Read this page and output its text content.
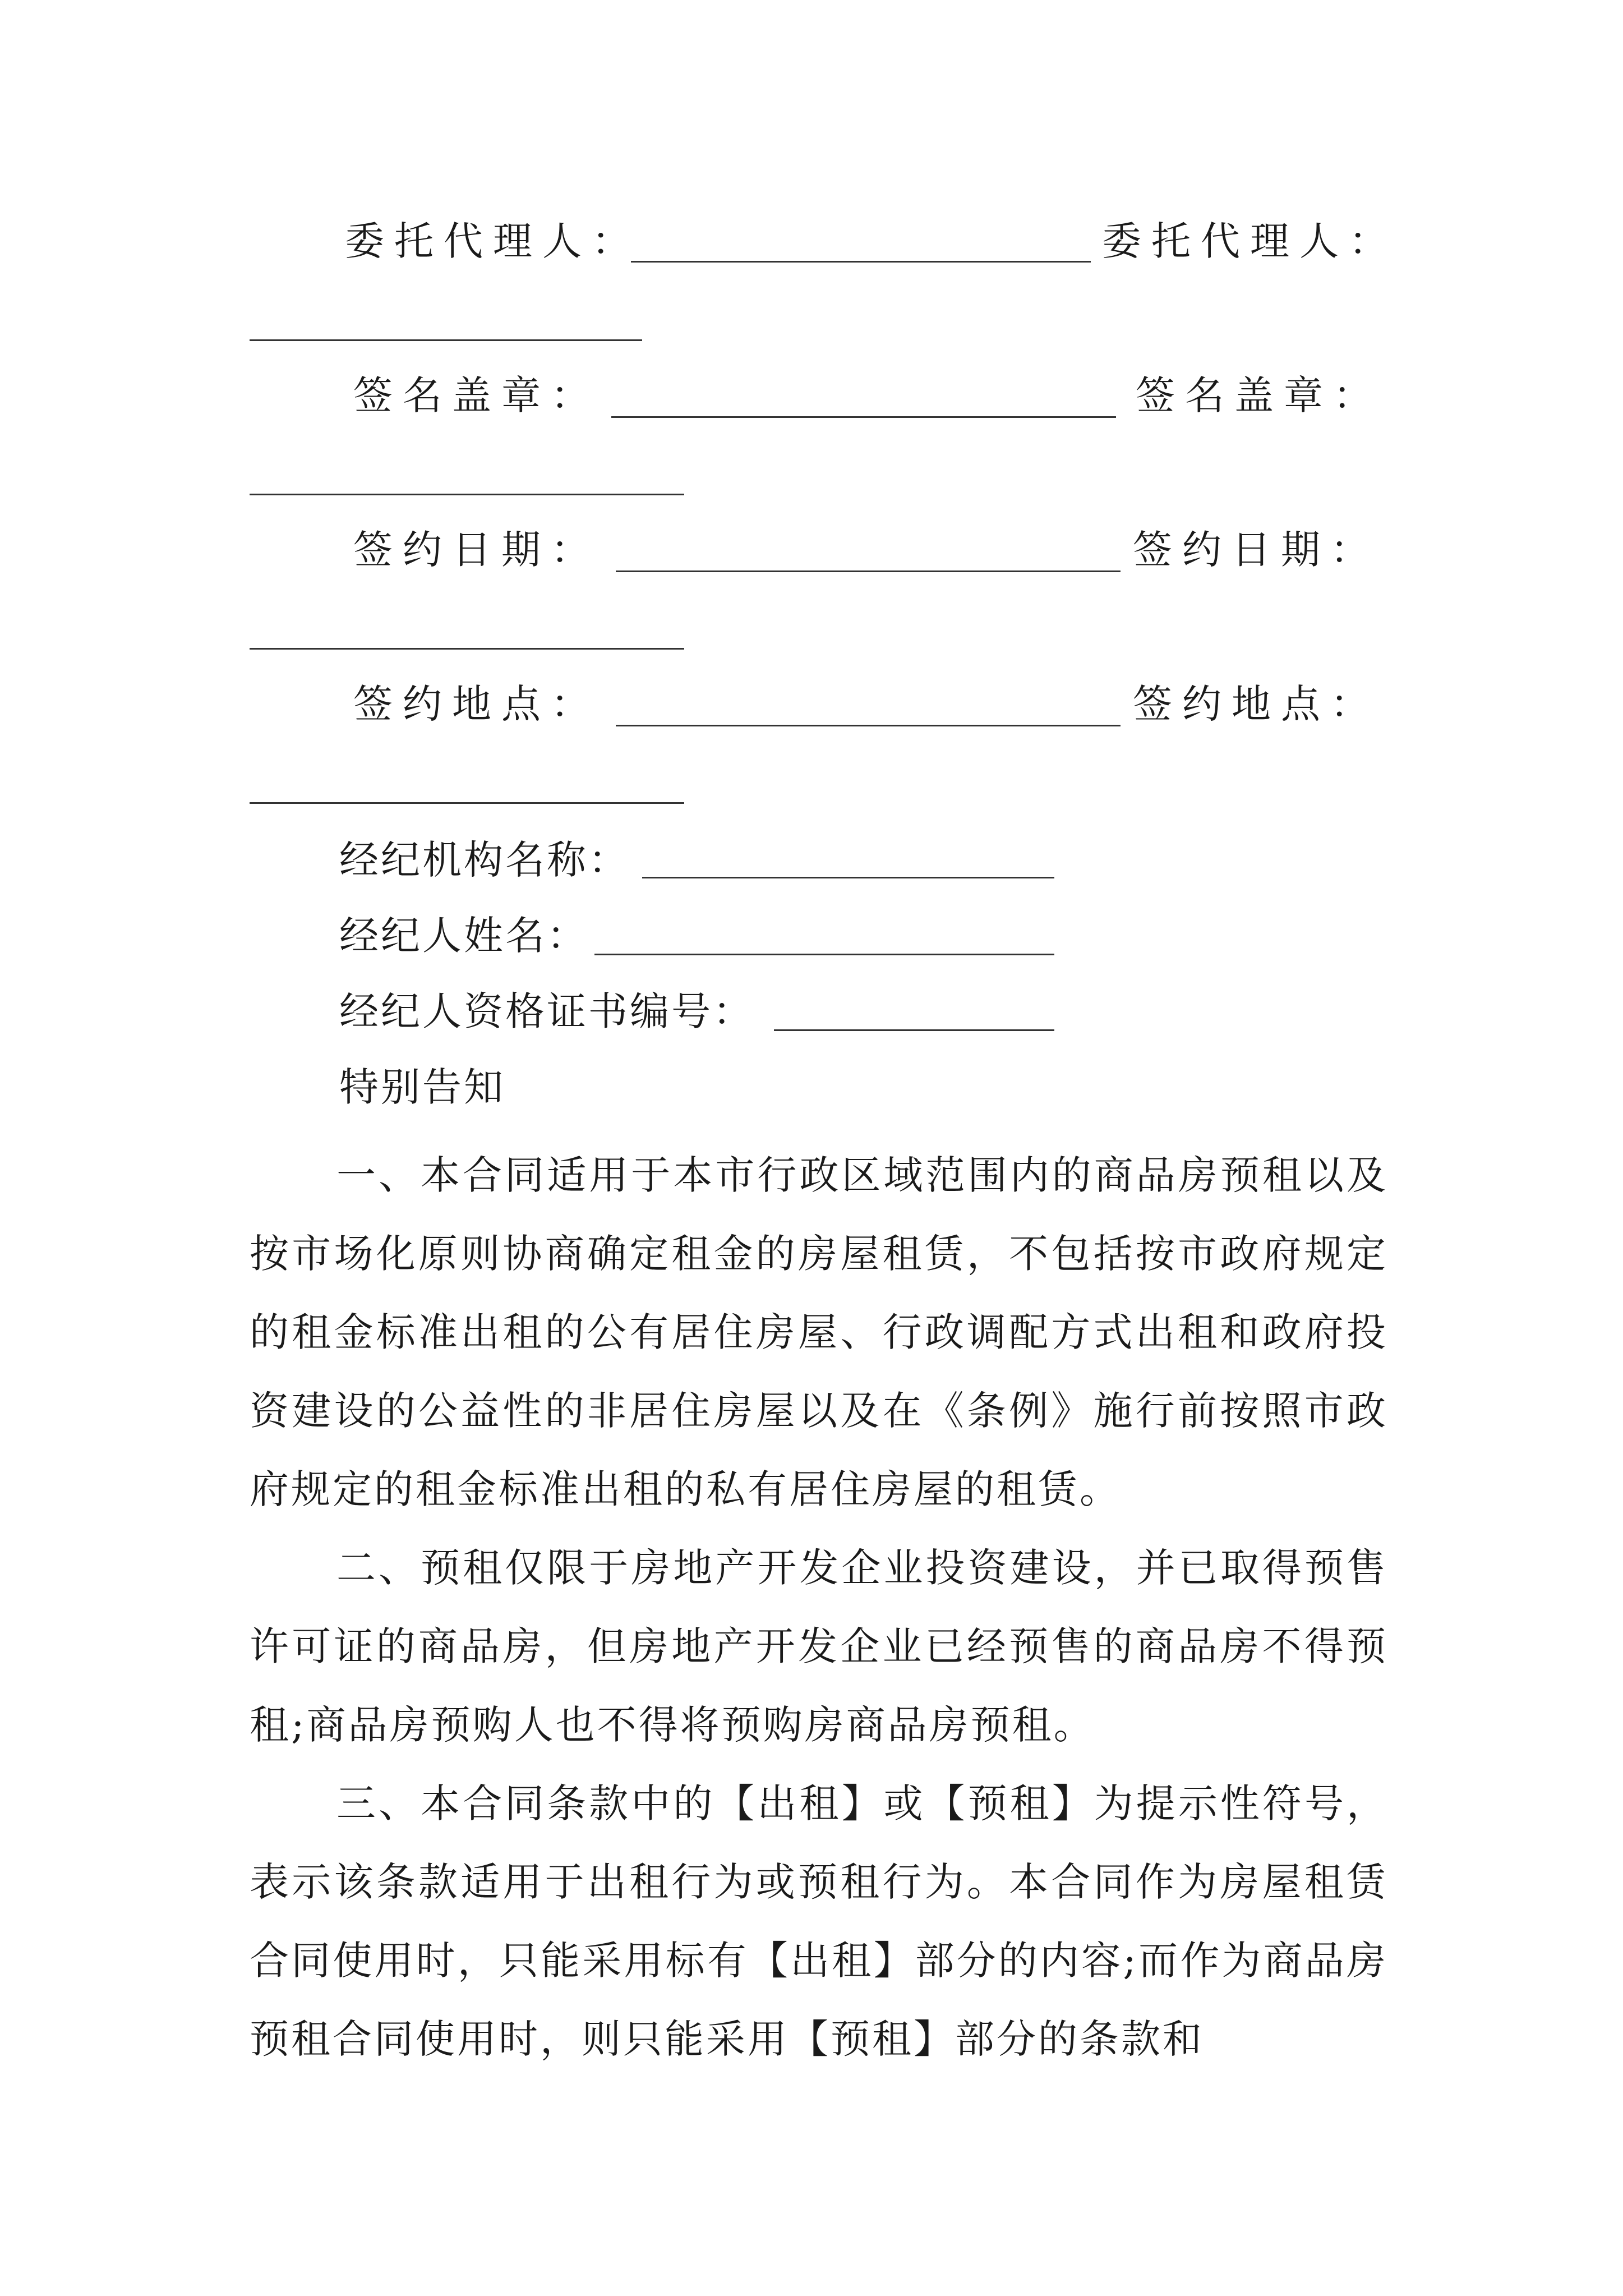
委托代理人：	委托代理人：
签名盖章：	签名盖章：
签约日期：	签约日期：
签约地点：	签约地点：
经纪机构名称：
经纪人姓名：
经纪人资格证书编号：
特别告知

一、本合同适用于本市行政区域范围内的商品房预租以及按市场化原则协商确定租金的房屋租赁，不包括按市政府规定的租金标准出租的公有居住房屋、行政调配方式出租和政府投资建设的公益性的非居住房屋以及在《条例》施行前按照市政府规定的租金标准出租的私有居住房屋的租赁。

二、预租仅限于房地产开发企业投资建设，并已取得预售许可证的商品房，但房地产开发企业已经预售的商品房不得预租;商品房预购人也不得将预购房商品房预租。

三、本合同条款中的【出租】或【预租】为提示性符号，表示该条款适用于出租行为或预租行为。本合同作为房屋租赁合同使用时，只能采用标有【出租】部分的内容;而作为商品房预租合同使用时，则只能采用【预租】部分的条款和
